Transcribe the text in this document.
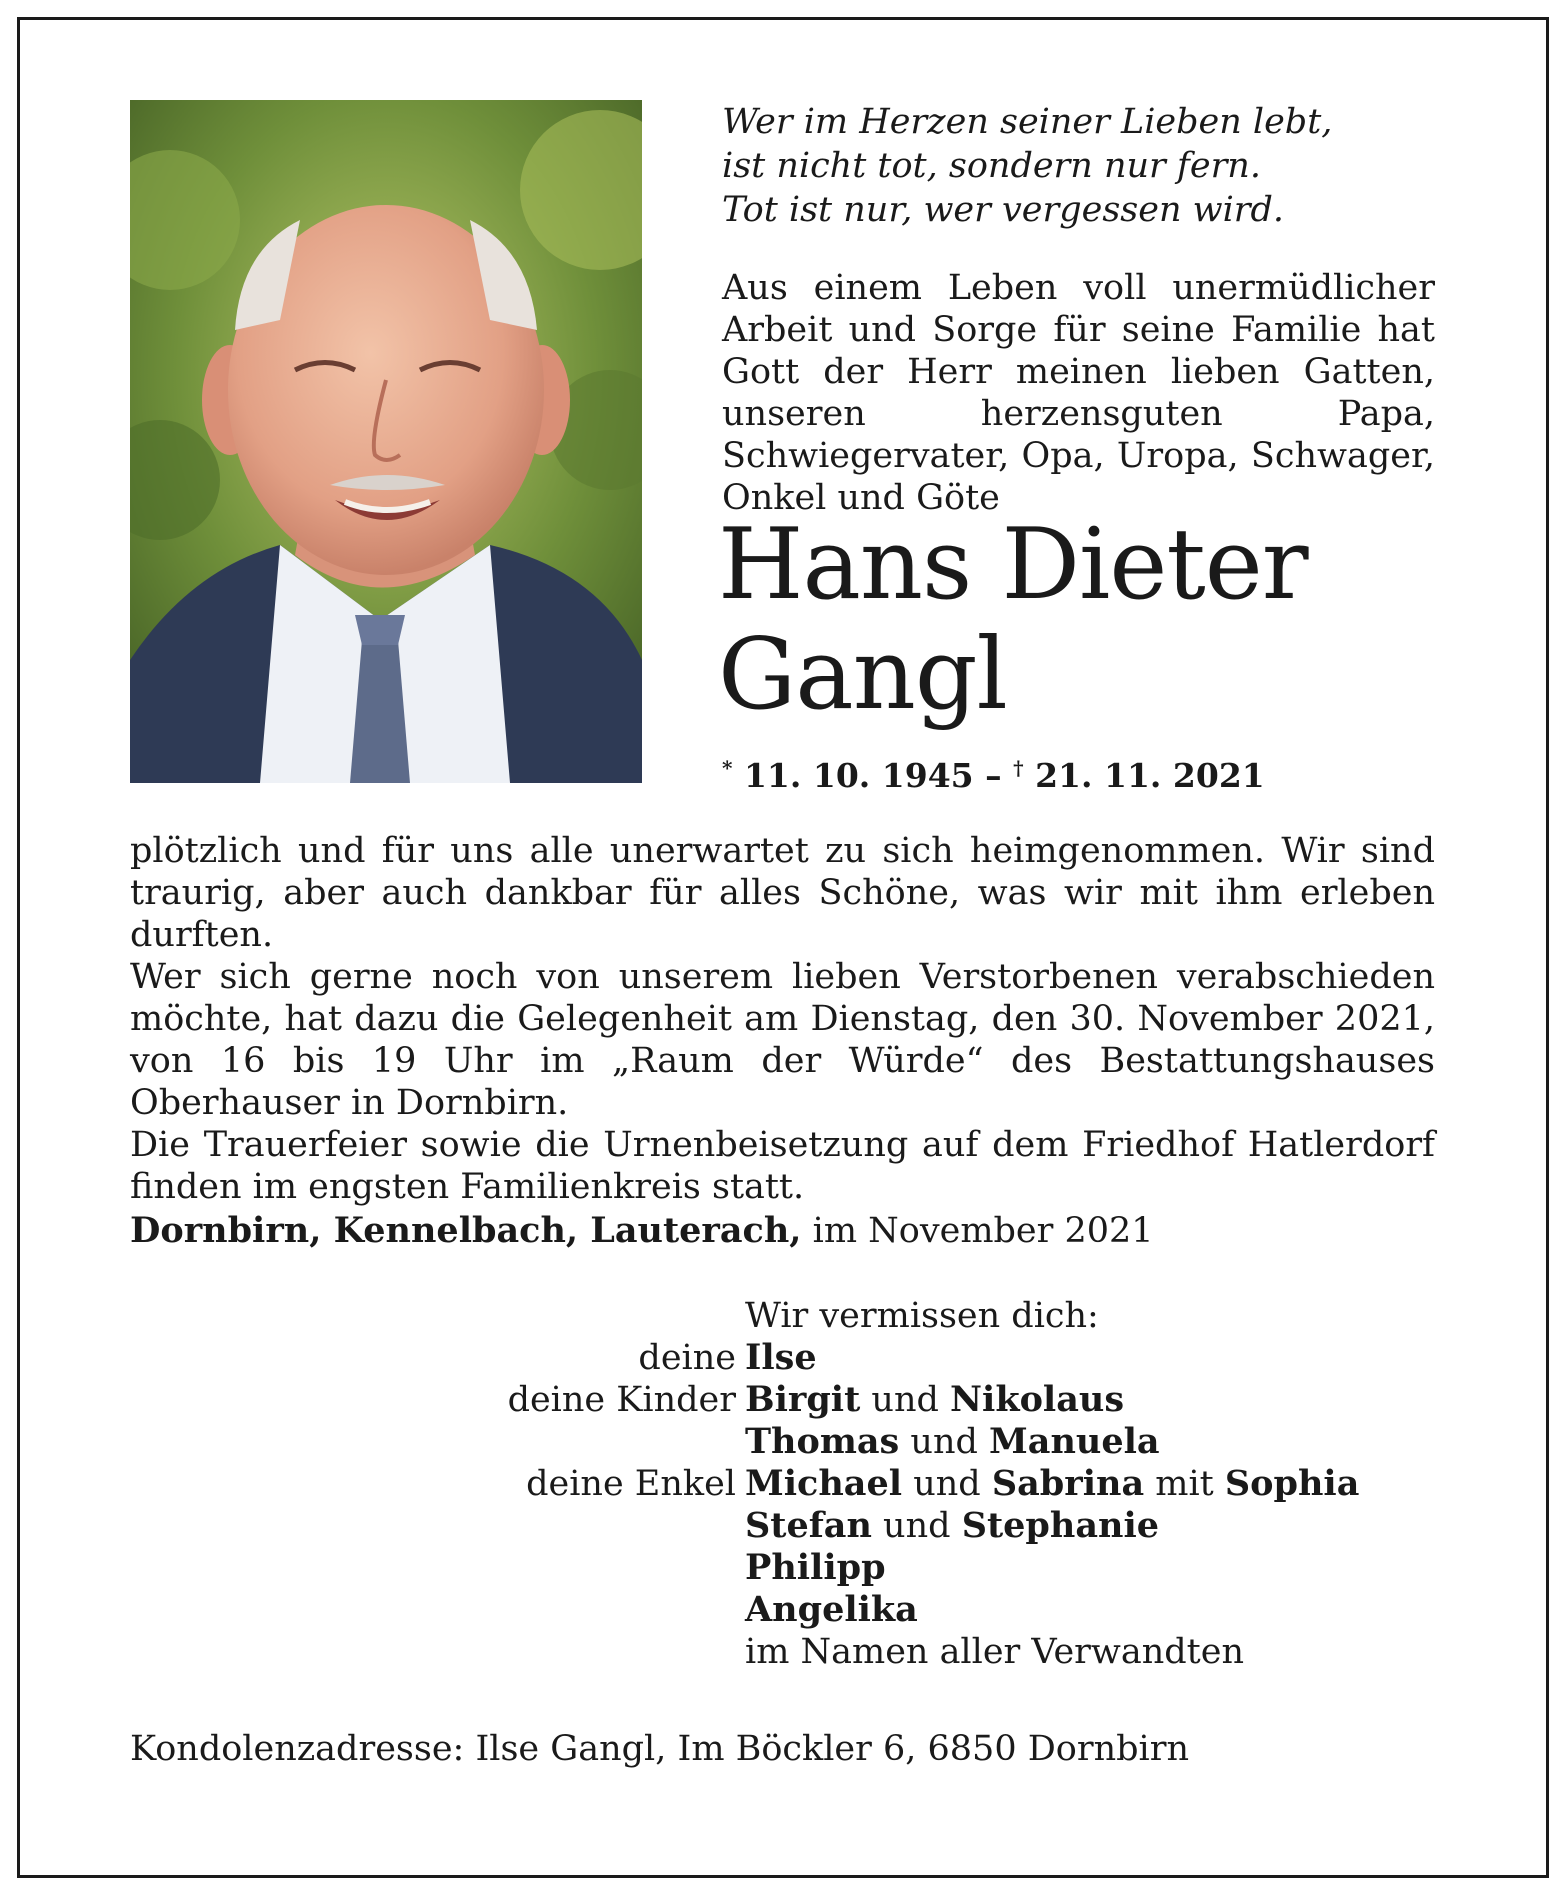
Wer im Herzen seiner Lieben lebt,
ist nicht tot, sondern nur fern.
Tot ist nur, wer vergessen wird.
Aus einem Leben voll unermüdlicher Arbeit und Sorge für seine Familie hat Gott der Herr meinen lieben Gatten, unseren herzensguten Papa, Schwiegervater, Opa, Uropa, Schwager, Onkel und Göte
Hans Dieter
Gangl
* 11. 10. 1945 – † 21. 11. 2021

plötzlich und für uns alle unerwartet zu sich heimgenommen. Wir sind traurig, aber auch dankbar für alles Schöne, was wir mit ihm erleben durften.

Wer sich gerne noch von unserem lieben Verstorbenen verabschieden möchte, hat dazu die Gelegenheit am Dienstag, den 30. November 2021, von 16 bis 19 Uhr im „Raum der Würde“ des Bestattungshauses Oberhauser in Dornbirn.

Die Trauerfeier sowie die Urnenbeisetzung auf dem Friedhof Hatlerdorf finden im engsten Familienkreis statt.

Dornbirn, Kennelbach, Lauterach, im November 2021
Wir vermissen dich:
deine Ilse
deine Kinder Birgit und Nikolaus
Thomas und Manuela
deine Enkel Michael und Sabrina mit Sophia
Stefan und Stephanie
Philipp
Angelika
im Namen aller Verwandten
Kondolenzadresse: Ilse Gangl, Im Böckler 6, 6850 Dornbirn
